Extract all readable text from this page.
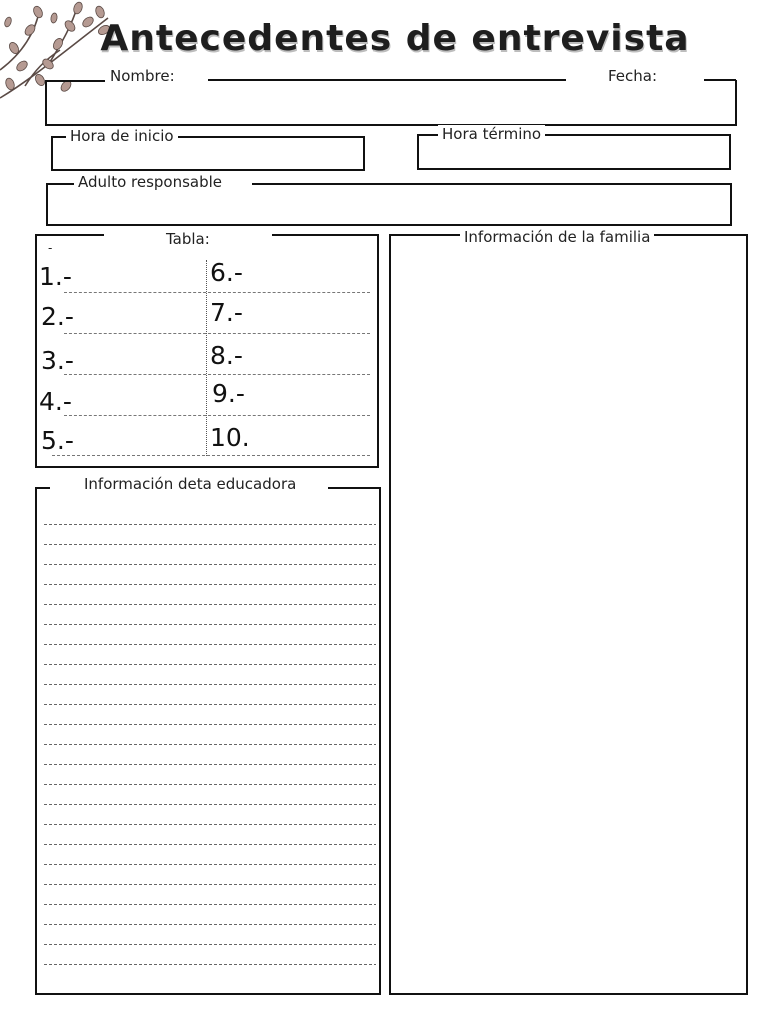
Antecedentes de entrevista
Nombre:	Fecha:
Hora de inicio	Hora término
Adulto responsable
Tabla:
-
1.-
2.-
3.-
4.-
5.-
6.-
7.-
8.-
9.-
10.
Información de la familia
Información deta educadora
